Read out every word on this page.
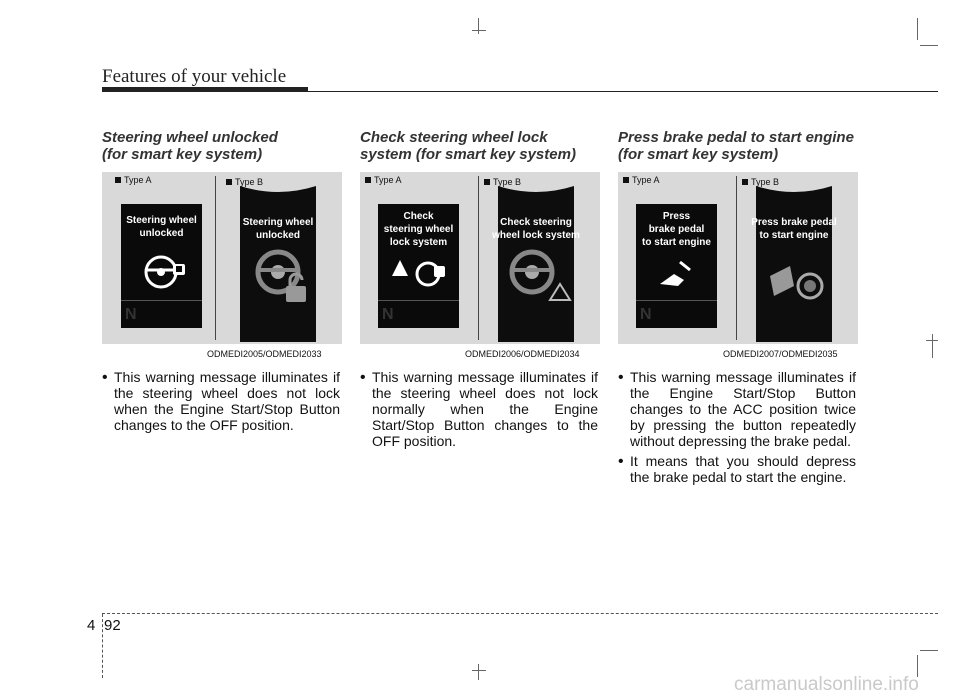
Features of your vehicle
Steering wheel unlocked
(for smart key system)
Type A	Type B
Steering wheel
unlocked
N
Steering wheel
unlocked
ODMEDI2005/ODMEDI2033
• This warning message illuminates if the steering wheel does not lock when the Engine Start/Stop Button changes to the OFF position.
Check steering wheel lock
system (for smart key system)
Type A	Type B
Check
steering wheel
lock system
N
Check steering
wheel lock system
ODMEDI2006/ODMEDI2034
• This warning message illuminates if the steering wheel does not lock normally when the Engine Start/Stop Button changes to the OFF position.
Press brake pedal to start engine
(for smart key system)
Type A	Type B
Press
brake pedal
to start engine
N
Press brake pedal
to start engine
ODMEDI2007/ODMEDI2035
• This warning message illuminates if the Engine Start/Stop Button changes to the ACC position twice by pressing the button repeatedly without depressing the brake pedal.
• It means that you should depress the brake pedal to start the engine.
4 92
carmanualsonline.info
